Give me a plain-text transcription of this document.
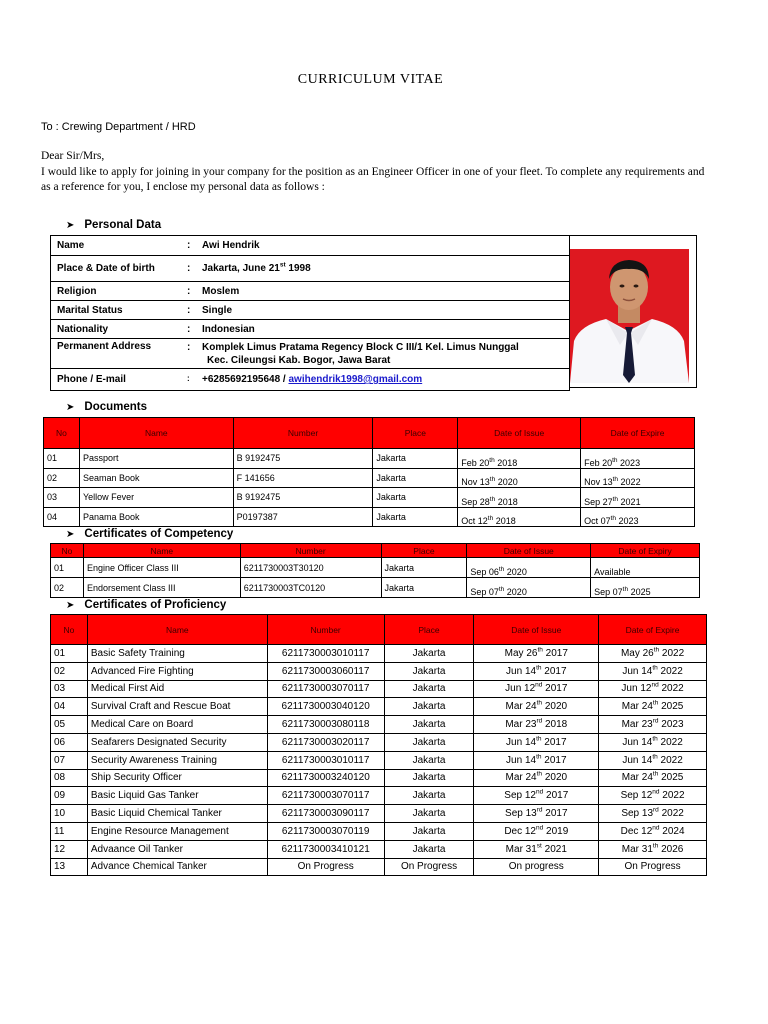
CURRICULUM VITAE
To : Crewing Department / HRD
Dear Sir/Mrs,
I would like to apply for joining in your company for the position as an Engineer Officer in one of your fleet. To complete any requirements and as a reference for you, I enclose my personal data as follows :
➤ Personal Data
Name	: Awi Hendrik
Place & Date of birth	: Jakarta, June 21st 1998
Religion	: Moslem
Marital Status	: Single
Nationality	: Indonesian
Permanent Address	: Komplek Limus Pratama Regency Block C III/1 Kel. Limus Nunggal
Kec. Cileungsi Kab. Bogor, Jawa Barat
Phone / E-mail	: +6285692195648 / awihendrik1998@gmail.com
➤ Documents
No	Name	Number	Place	Date of Issue	Date of Expire
01	Passport	B 9192475	Jakarta	Feb 20th 2018	Feb 20th 2023
02	Seaman Book	F 141656	Jakarta	Nov 13th 2020	Nov 13th 2022
03	Yellow Fever	B 9192475	Jakarta	Sep 28th 2018	Sep 27th 2021
04	Panama Book	P0197387	Jakarta	Oct 12th 2018	Oct 07th 2023
➤ Certificates of Competency
No	Name	Number	Place	Date of Issue	Date of Expiry
01	Engine Officer Class III	6211730003T30120	Jakarta	Sep 06th 2020	Available
02	Endorsement Class III	6211730003TC0120	Jakarta	Sep 07th 2020	Sep 07th 2025
➤ Certificates of Proficiency
No	Name	Number	Place	Date of Issue	Date of Expire
01	Basic Safety Training	6211730003010117	Jakarta	May 26th 2017	May 26th 2022
02	Advanced Fire Fighting	6211730003060117	Jakarta	Jun 14th 2017	Jun 14th 2022
03	Medical First Aid	6211730003070117	Jakarta	Jun 12nd 2017	Jun 12nd 2022
04	Survival Craft and Rescue Boat	6211730003040120	Jakarta	Mar 24th 2020	Mar 24th 2025
05	Medical Care on Board	6211730003080118	Jakarta	Mar 23rd 2018	Mar 23rd 2023
06	Seafarers Designated Security	6211730003020117	Jakarta	Jun 14th 2017	Jun 14th 2022
07	Security Awareness Training	6211730003010117	Jakarta	Jun 14th 2017	Jun 14th 2022
08	Ship Security Officer	6211730003240120	Jakarta	Mar 24th 2020	Mar 24th 2025
09	Basic Liquid Gas Tanker	6211730003070117	Jakarta	Sep 12nd 2017	Sep 12nd 2022
10	Basic Liquid Chemical Tanker	6211730003090117	Jakarta	Sep 13rd 2017	Sep 13rd 2022
11	Engine Resource Management	6211730003070119	Jakarta	Dec 12nd 2019	Dec 12nd 2024
12	Advaance Oil Tanker	6211730003410121	Jakarta	Mar 31st 2021	Mar 31th 2026
13	Advance Chemical Tanker	On Progress	On Progress	On progress	On Progress
